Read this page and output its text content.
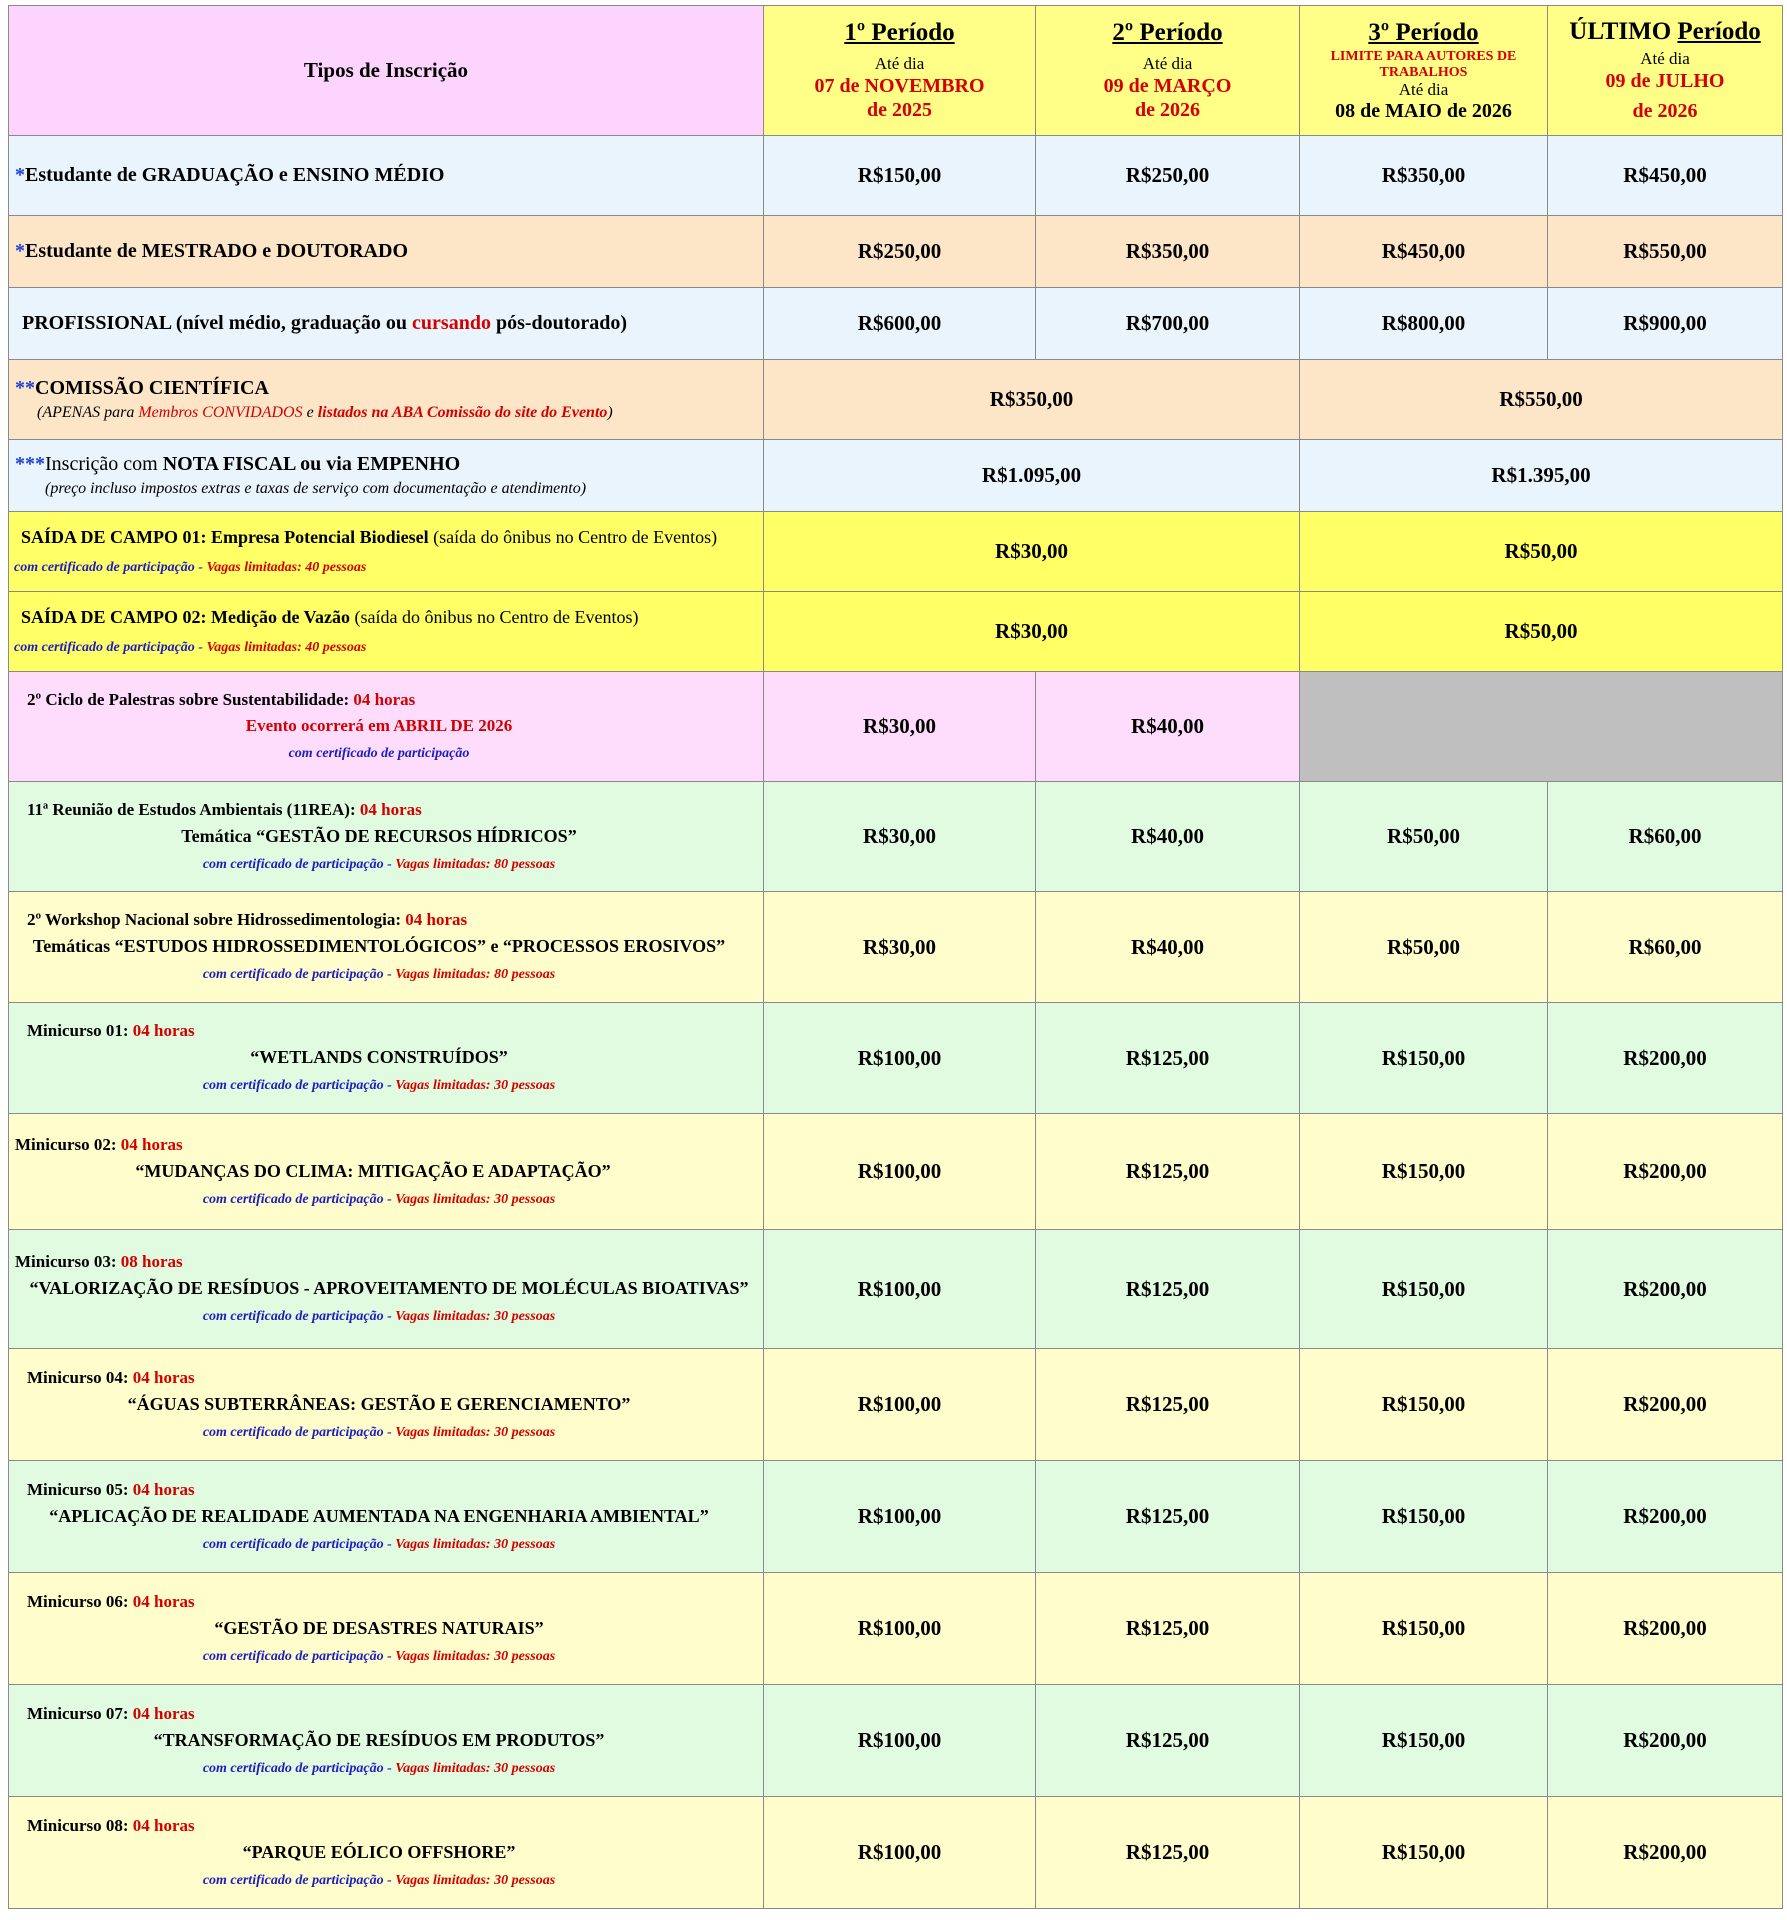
Tipos de Inscrição	1º Período
Até dia
07 de NOVEMBRO
de 2025	2º Período
Até dia
09 de MARÇO
de 2026	3º Período
LIMITE PARA AUTORES DE TRABALHOS
Até dia
08 de MAIO de 2026	ÚLTIMO Período
Até dia
09 de JULHO
de 2026

*Estudante de GRADUAÇÃO e ENSINO MÉDIO	R$150,00	R$250,00	R$350,00	R$450,00
*Estudante de MESTRADO e DOUTORADO	R$250,00	R$350,00	R$450,00	R$550,00
PROFISSIONAL (nível médio, graduação ou cursando pós-doutorado)	R$600,00	R$700,00	R$800,00	R$900,00

**COMISSÃO CIENTÍFICA
(APENAS para Membros CONVIDADOS e listados na ABA Comissão do site do Evento)	R$350,00		R$550,00	

***Inscrição com NOTA FISCAL ou via EMPENHO
(preço incluso impostos extras e taxas de serviço com documentação e atendimento)	R$1.095,00		R$1.395,00	

SAÍDA DE CAMPO 01: Empresa Potencial Biodiesel (saída do ônibus no Centro de Eventos)
com certificado de participação - Vagas limitadas: 40 pessoas	R$30,00		R$50,00	

SAÍDA DE CAMPO 02: Medição de Vazão (saída do ônibus no Centro de Eventos)
com certificado de participação - Vagas limitadas: 40 pessoas	R$30,00		R$50,00	

2º Ciclo de Palestras sobre Sustentabilidade: 04 horas
Evento ocorrerá em ABRIL DE 2026
com certificado de participação	R$30,00	R$40,00		

11ª Reunião de Estudos Ambientais (11REA): 04 horas
Temática “GESTÃO DE RECURSOS HÍDRICOS”
com certificado de participação - Vagas limitadas: 80 pessoas	R$30,00	R$40,00	R$50,00	R$60,00

2º Workshop Nacional sobre Hidrossedimentologia: 04 horas
Temáticas “ESTUDOS HIDROSSEDIMENTOLÓGICOS” e “PROCESSOS EROSIVOS”
com certificado de participação - Vagas limitadas: 80 pessoas	R$30,00	R$40,00	R$50,00	R$60,00

Minicurso 01: 04 horas
“WETLANDS CONSTRUÍDOS”
com certificado de participação - Vagas limitadas: 30 pessoas	R$100,00	R$125,00	R$150,00	R$200,00

Minicurso 02: 04 horas
“MUDANÇAS DO CLIMA: MITIGAÇÃO E ADAPTAÇÃO”
com certificado de participação - Vagas limitadas: 30 pessoas	R$100,00	R$125,00	R$150,00	R$200,00

Minicurso 03: 08 horas
“VALORIZAÇÃO DE RESÍDUOS - APROVEITAMENTO DE MOLÉCULAS BIOATIVAS”
com certificado de participação - Vagas limitadas: 30 pessoas	R$100,00	R$125,00	R$150,00	R$200,00

Minicurso 04: 04 horas
“ÁGUAS SUBTERRÂNEAS: GESTÃO E GERENCIAMENTO”
com certificado de participação - Vagas limitadas: 30 pessoas	R$100,00	R$125,00	R$150,00	R$200,00

Minicurso 05: 04 horas
“APLICAÇÃO DE REALIDADE AUMENTADA NA ENGENHARIA AMBIENTAL”
com certificado de participação - Vagas limitadas: 30 pessoas	R$100,00	R$125,00	R$150,00	R$200,00

Minicurso 06: 04 horas
“GESTÃO DE DESASTRES NATURAIS”
com certificado de participação - Vagas limitadas: 30 pessoas	R$100,00	R$125,00	R$150,00	R$200,00

Minicurso 07: 04 horas
“TRANSFORMAÇÃO DE RESÍDUOS EM PRODUTOS”
com certificado de participação - Vagas limitadas: 30 pessoas	R$100,00	R$125,00	R$150,00	R$200,00

Minicurso 08: 04 horas
“PARQUE EÓLICO OFFSHORE”
com certificado de participação - Vagas limitadas: 30 pessoas	R$100,00	R$125,00	R$150,00	R$200,00
